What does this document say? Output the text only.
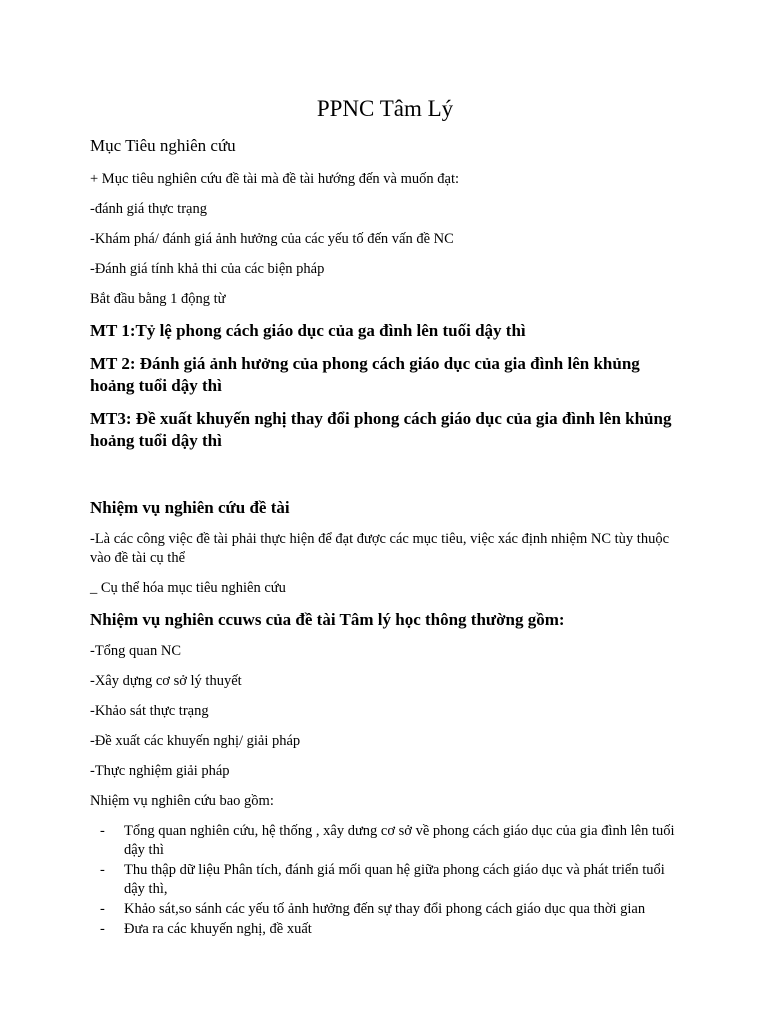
PPNC Tâm Lý
Mục Tiêu nghiên cứu

+ Mục tiêu nghiên cứu đề tài mà đề tài hướng đến và muốn đạt:

-đánh giá thực trạng

-Khám phá/ đánh giá ảnh hưởng của các yếu tố đến vấn đề NC

-Đánh giá tính khả thi của các biện pháp

Bắt đầu bằng 1 động từ

MT 1:Tỷ lệ phong cách giáo dục của ga đình lên tuối dậy thì

MT 2: Đánh giá ảnh hưởng của phong cách giáo dục của gia đình lên khủng hoảng tuổi dậy thì

MT3: Đề xuất khuyến nghị thay đổi phong cách giáo dục của gia đình lên khủng hoảng tuổi dậy thì

Nhiệm vụ nghiên cứu đề tài

-Là các công việc đề tài phải thực hiện để đạt được các mục tiêu, việc xác định nhiệm NC tùy thuộc vào đề tài cụ thể

_ Cụ thể hóa mục tiêu nghiên cứu

Nhiệm vụ nghiên ccuws của đề tài Tâm lý học thông thường gồm:

-Tổng quan NC

-Xây dựng cơ sở lý thuyết

-Khảo sát thực trạng

-Đề xuất các khuyến nghị/ giải pháp

-Thực nghiệm giải pháp

Nhiệm vụ nghiên cứu bao gồm:

- Tổng quan nghiên cứu, hệ thống , xây dưng cơ sở về phong cách giáo dục của gia đình lên tuối dậy thì
- Thu thập dữ liệu Phân tích, đánh giá mối quan hệ giữa phong cách giáo dục và phát triển tuổi dậy thì,
- Khảo sát,so sánh các yếu tố ảnh hưởng đến sự thay đổi phong cách giáo dục qua thời gian
- Đưa ra các khuyến nghị, đề xuất
